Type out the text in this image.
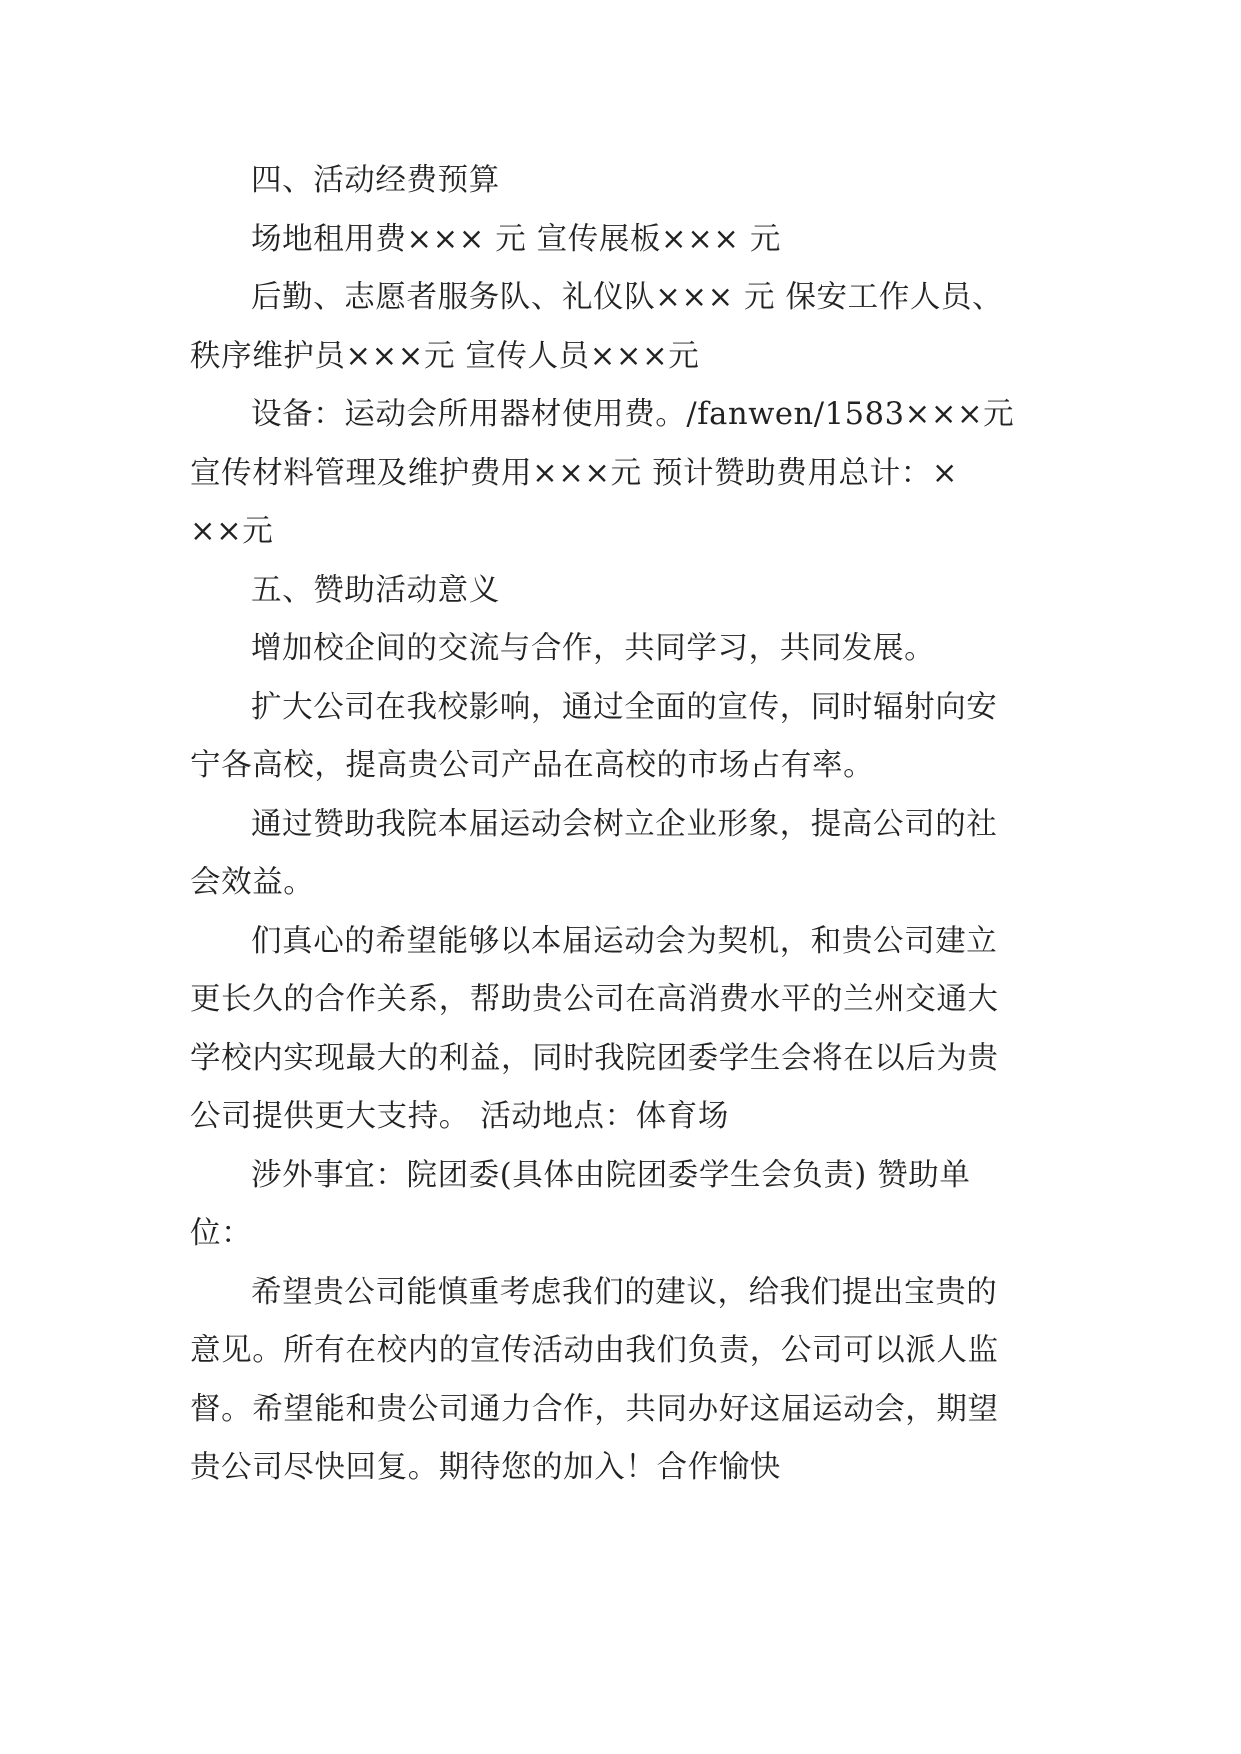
四、活动经费预算

场地租用费××× 元 宣传展板××× 元

后勤、志愿者服务队、礼仪队××× 元 保安工作人员、
秩序维护员×××元 宣传人员×××元

设备：运动会所用器材使用费。/fanwen/1583×××元
宣传材料管理及维护费用×××元 预计赞助费用总计：×
××元

五、赞助活动意义

增加校企间的交流与合作，共同学习，共同发展。

扩大公司在我校影响，通过全面的宣传，同时辐射向安
宁各高校，提高贵公司产品在高校的市场占有率。

通过赞助我院本届运动会树立企业形象，提高公司的社
会效益。

们真心的希望能够以本届运动会为契机，和贵公司建立
更长久的合作关系，帮助贵公司在高消费水平的兰州交通大
学校内实现最大的利益，同时我院团委学生会将在以后为贵
公司提供更大支持。 活动地点：体育场

涉外事宜：院团委(具体由院团委学生会负责) 赞助单
位：

希望贵公司能慎重考虑我们的建议，给我们提出宝贵的
意见。所有在校内的宣传活动由我们负责，公司可以派人监
督。希望能和贵公司通力合作，共同办好这届运动会，期望
贵公司尽快回复。期待您的加入！合作愉快
